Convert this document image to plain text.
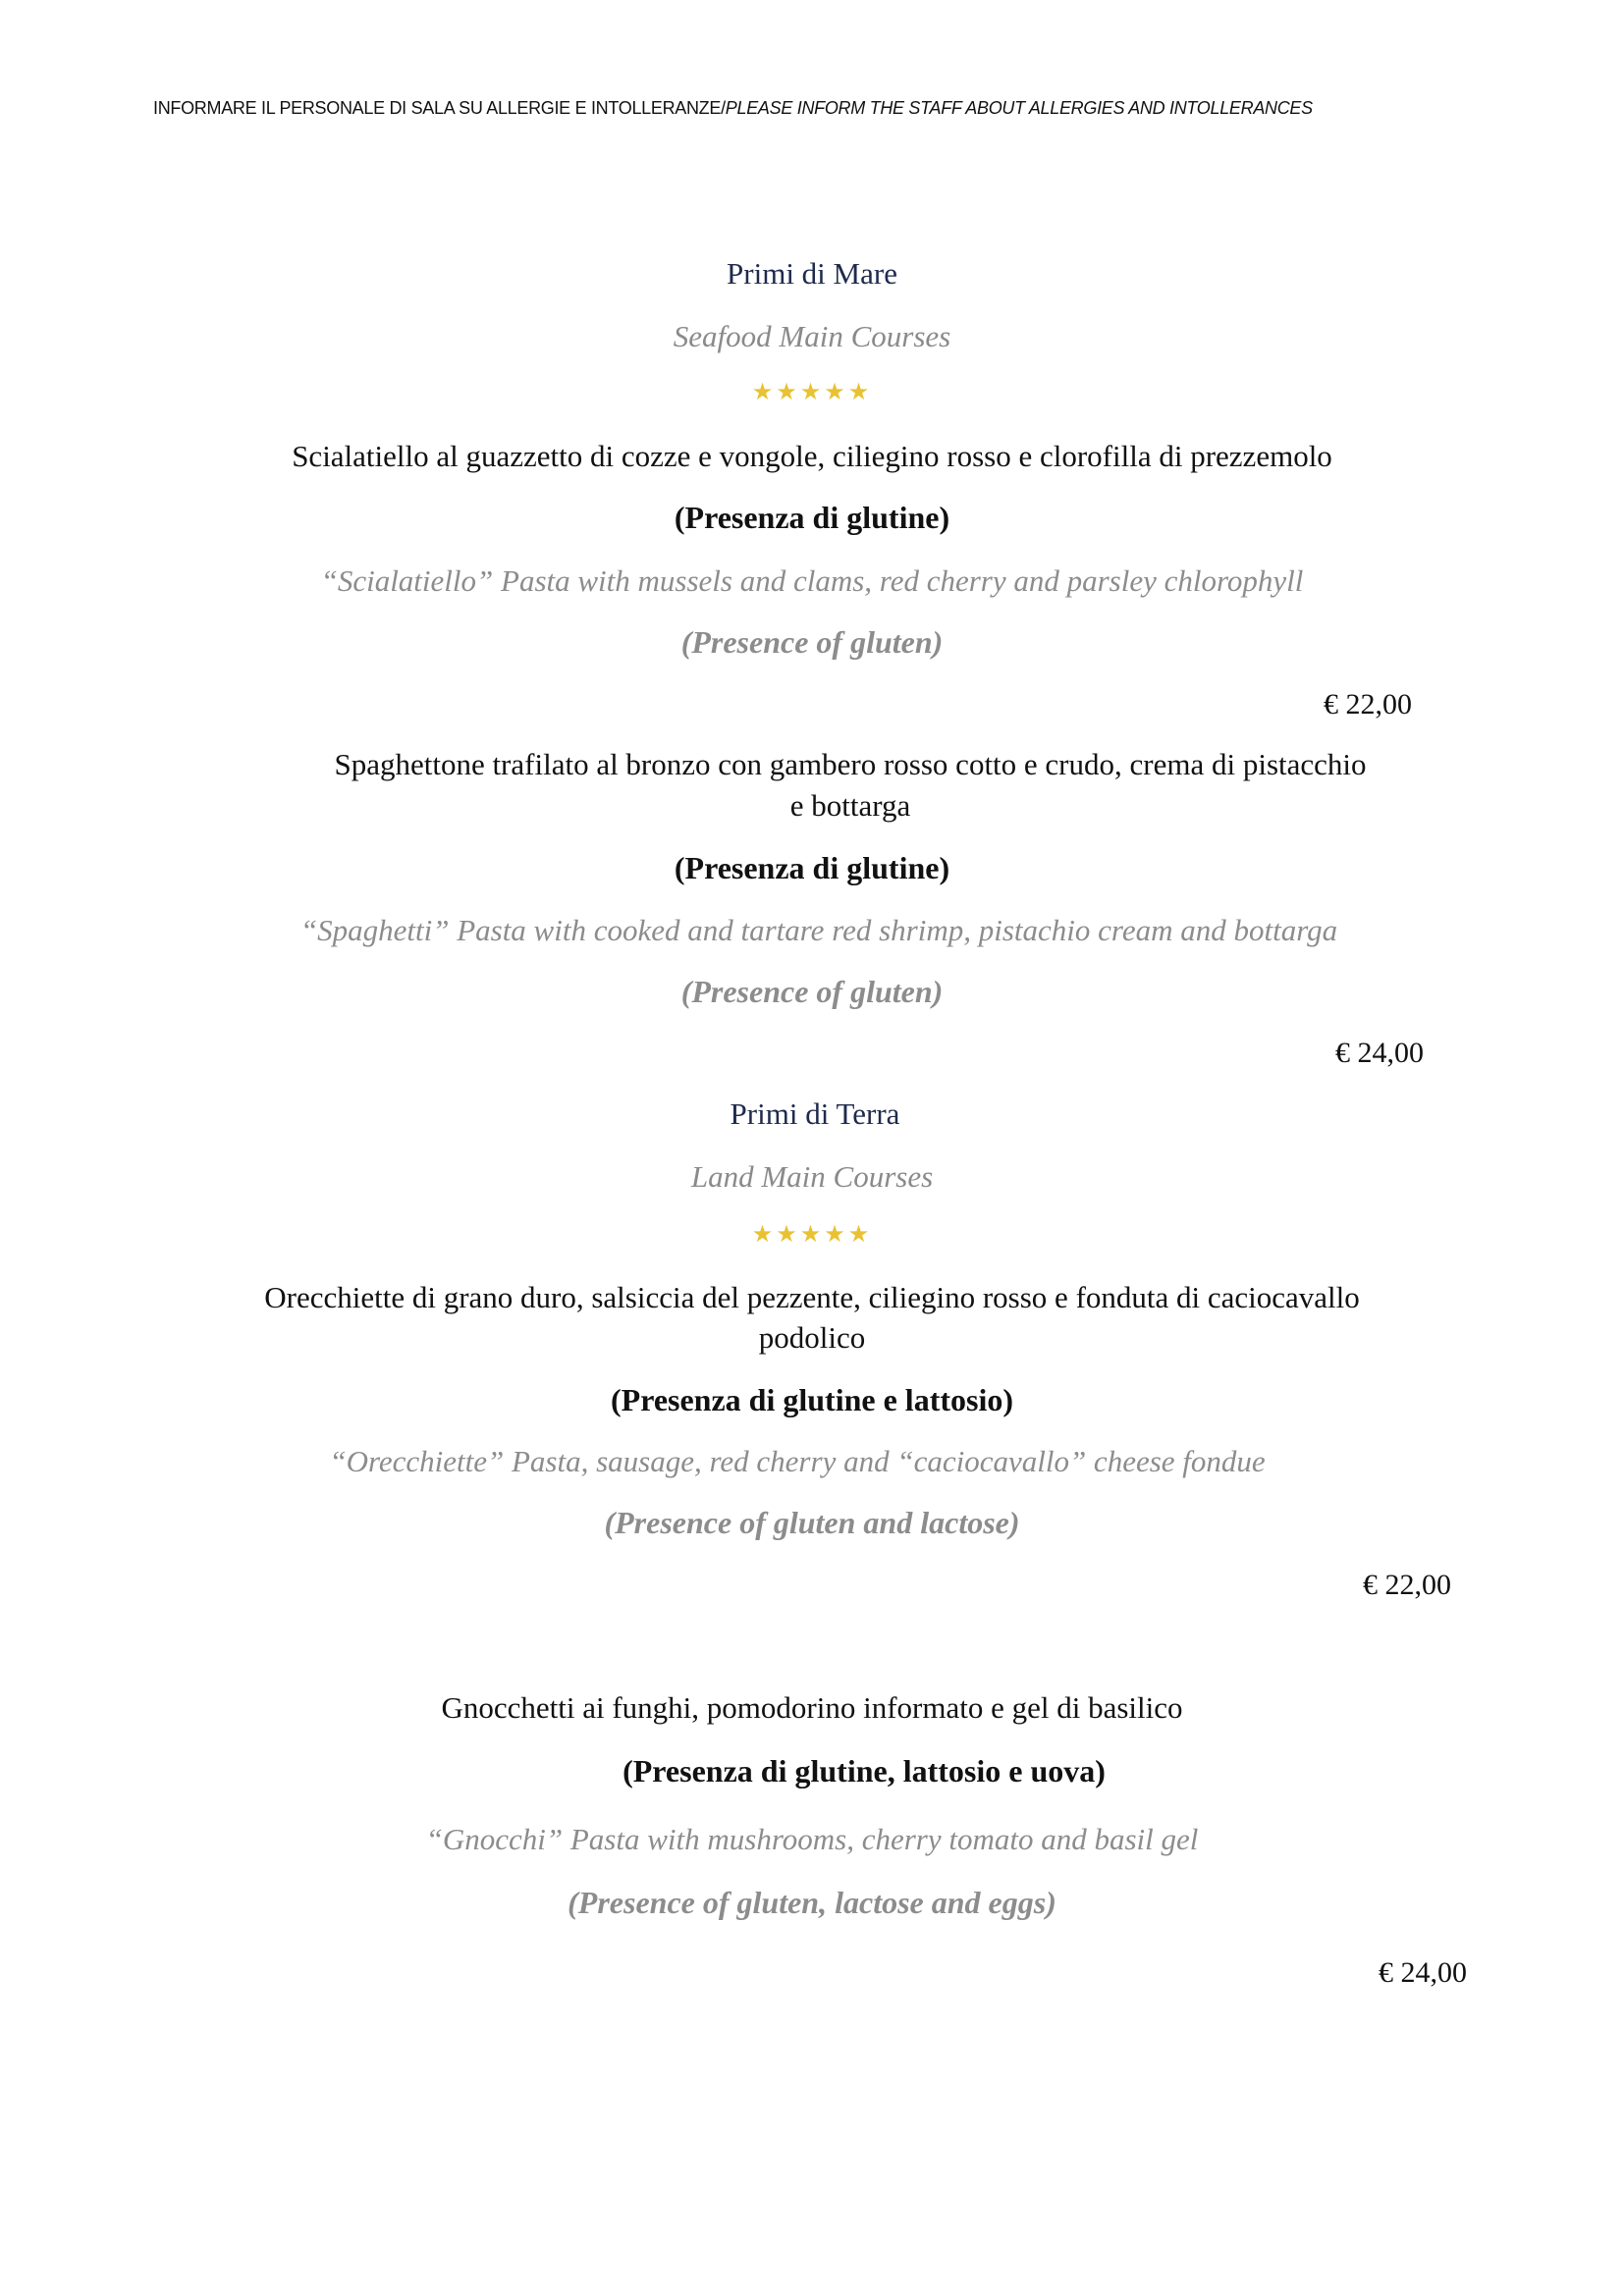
INFORMARE IL PERSONALE DI SALA SU ALLERGIE E INTOLLERANZE/PLEASE INFORM THE STAFF ABOUT ALLERGIES AND INTOLLERANCES
Primi di Mare
Seafood Main Courses
★★★★★
Scialatiello al guazzetto di cozze e vongole, ciliegino rosso e clorofilla di prezzemolo
(Presenza di glutine)
“Scialatiello” Pasta with mussels and clams, red cherry and parsley chlorophyll
(Presence of gluten)
€ 22,00
Spaghettone trafilato al bronzo con gambero rosso cotto e crudo, crema di pistacchio
e bottarga
(Presenza di glutine)
“Spaghetti” Pasta with cooked and tartare red shrimp, pistachio cream and bottarga
(Presence of gluten)
€ 24,00
Primi di Terra
Land Main Courses
★★★★★
Orecchiette di grano duro, salsiccia del pezzente, ciliegino rosso e fonduta di caciocavallo
podolico
(Presenza di glutine e lattosio)
“Orecchiette” Pasta, sausage, red cherry and “caciocavallo” cheese fondue
(Presence of gluten and lactose)
€ 22,00
Gnocchetti ai funghi, pomodorino informato e gel di basilico
(Presenza di glutine, lattosio e uova)
“Gnocchi” Pasta with mushrooms, cherry tomato and basil gel
(Presence of gluten, lactose and eggs)
€ 24,00
